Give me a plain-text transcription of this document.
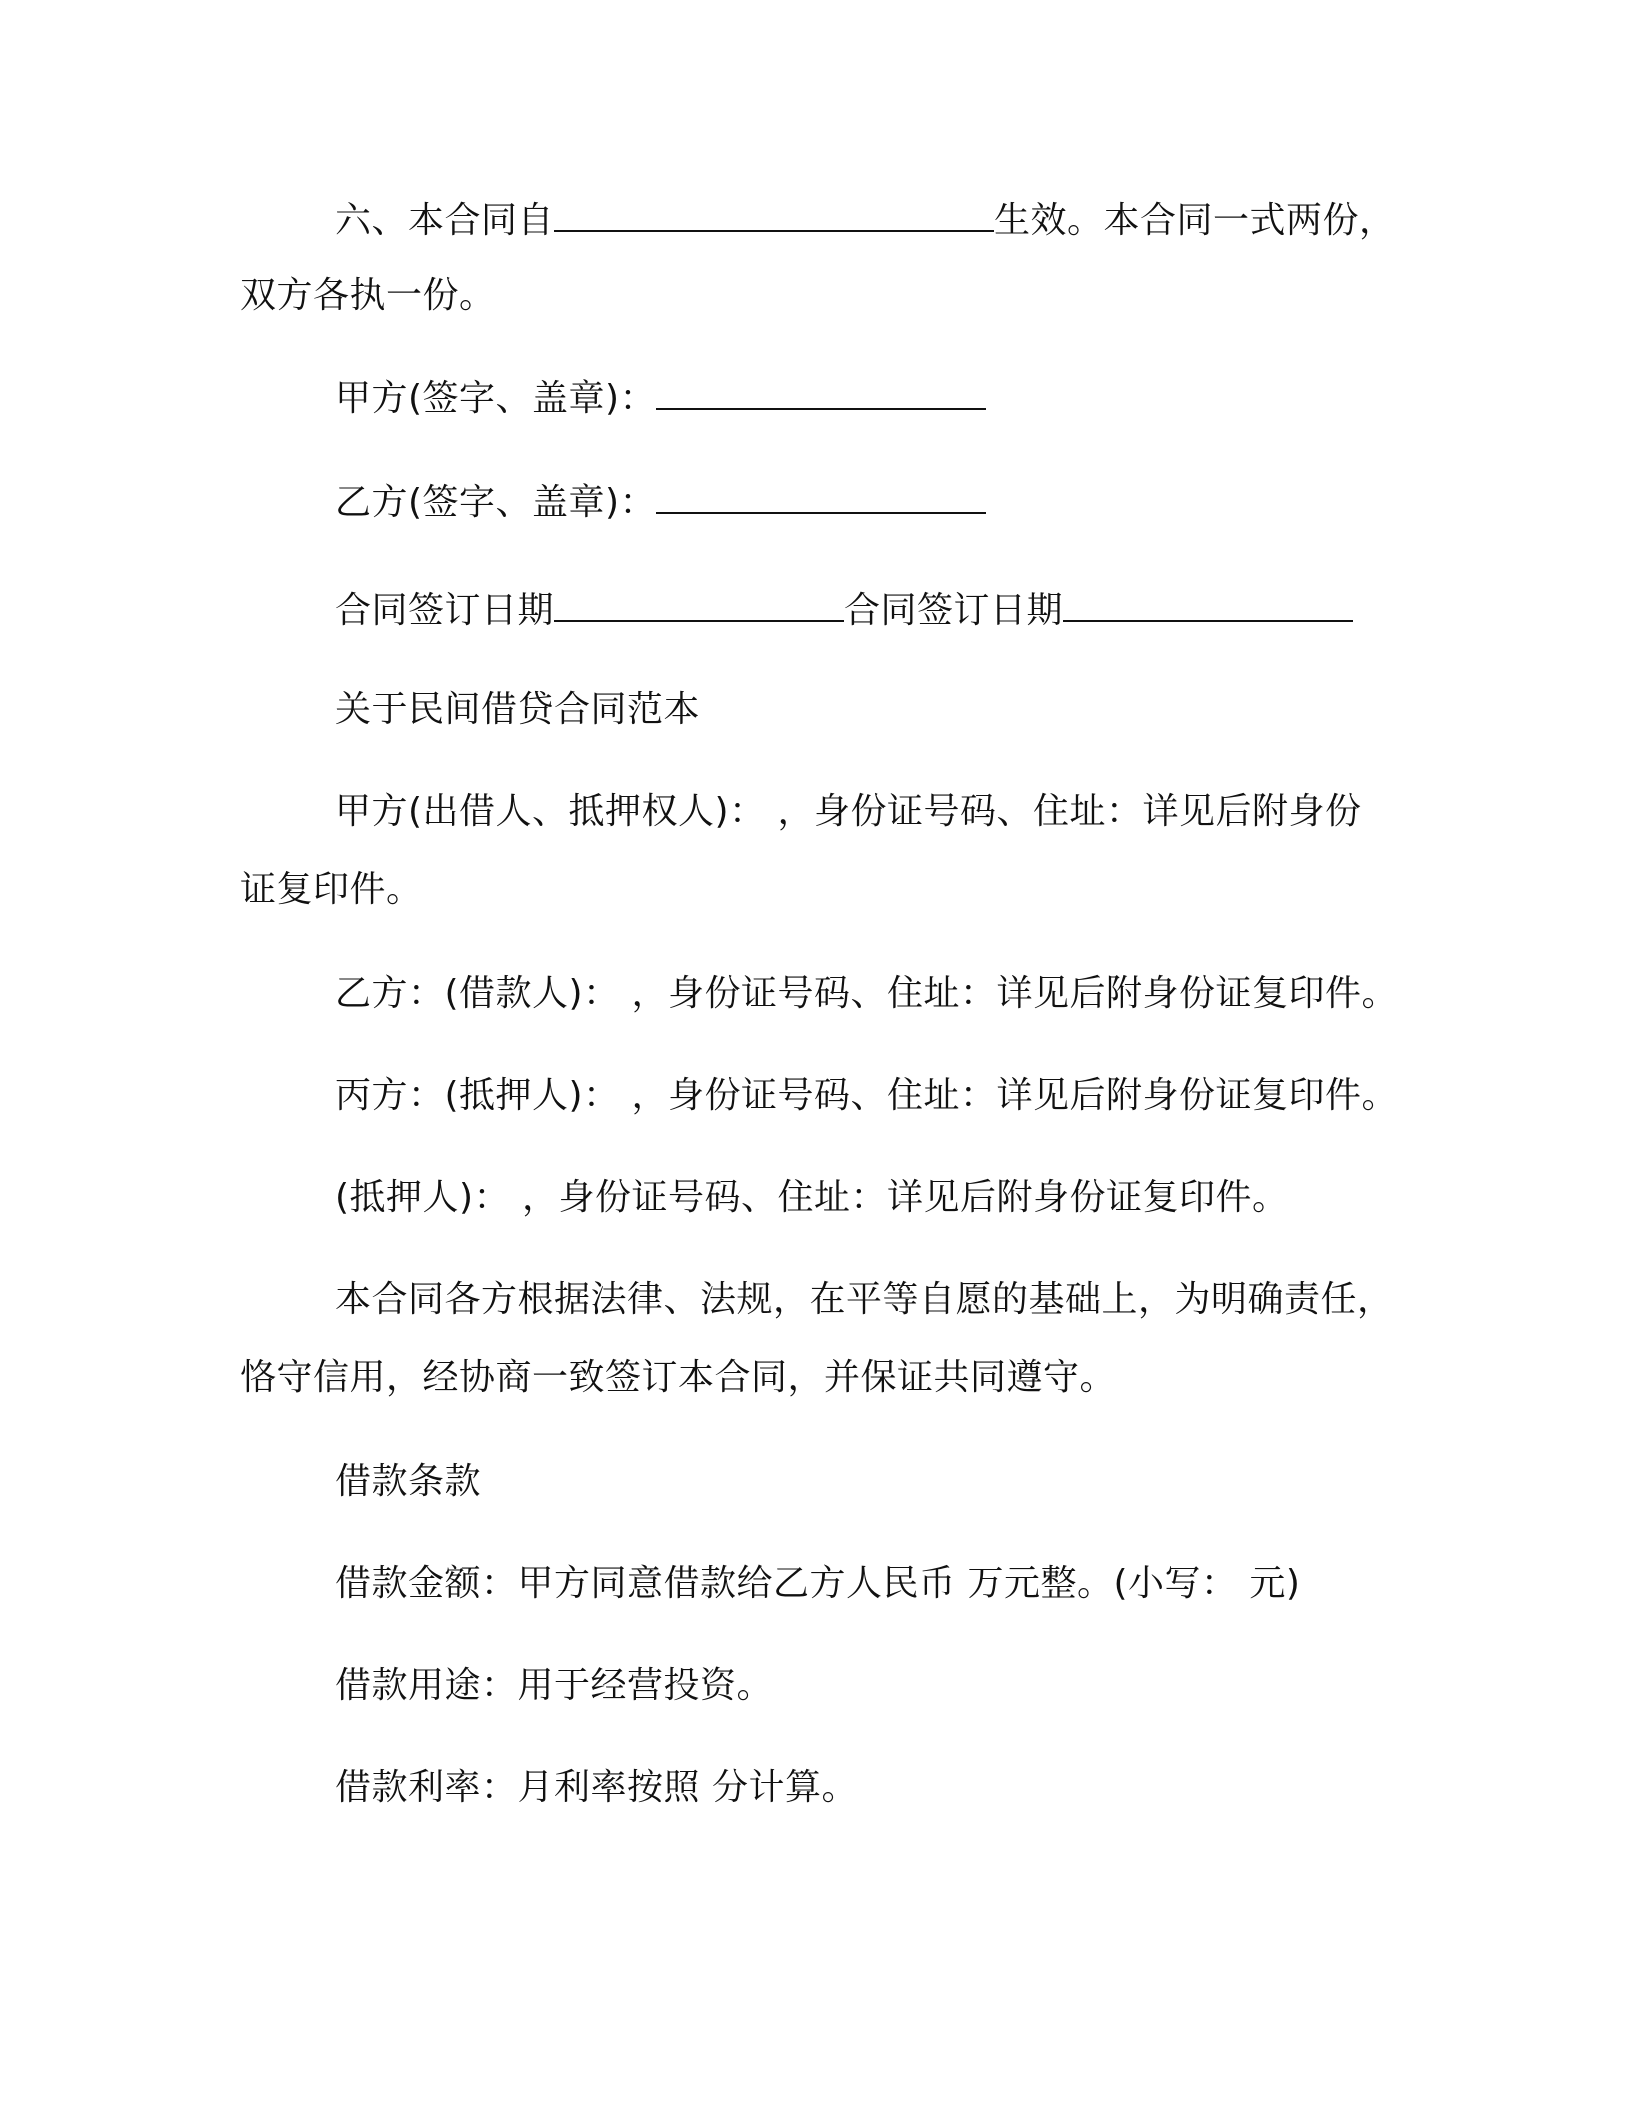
六、本合同自	生效。本合同一式两份，
双方各执一份。
甲方(签字、盖章)：
乙方(签字、盖章)：
合同签订日期	合同签订日期
关于民间借贷合同范本
甲方(出借人、抵押权人)： ，身份证号码、住址：详见后附身份
证复印件。
乙方：(借款人)： ，身份证号码、住址：详见后附身份证复印件。
丙方：(抵押人)： ，身份证号码、住址：详见后附身份证复印件。
(抵押人)： ，身份证号码、住址：详见后附身份证复印件。
本合同各方根据法律、法规，在平等自愿的基础上，为明确责任，
恪守信用，经协商一致签订本合同，并保证共同遵守。
借款条款
借款金额：甲方同意借款给乙方人民币 万元整。(小写： 元)
借款用途：用于经营投资。
借款利率：月利率按照 分计算。
